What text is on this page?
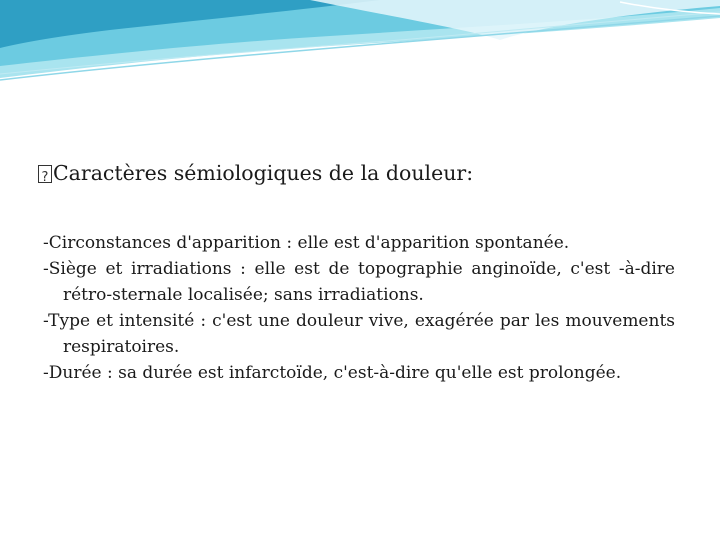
?Caractères sémiologiques de la douleur:
-Circonstances d'apparition : elle est d'apparition spontanée.
-Siège et irradiations : elle est de topographie anginoïde, c'est -à-dire rétro-sternale localisée; sans irradiations.
-Type et intensité : c'est une douleur vive, exagérée par les mouvements respiratoires.
-Durée : sa durée est infarctoïde, c'est-à-dire qu'elle est prolongée.
